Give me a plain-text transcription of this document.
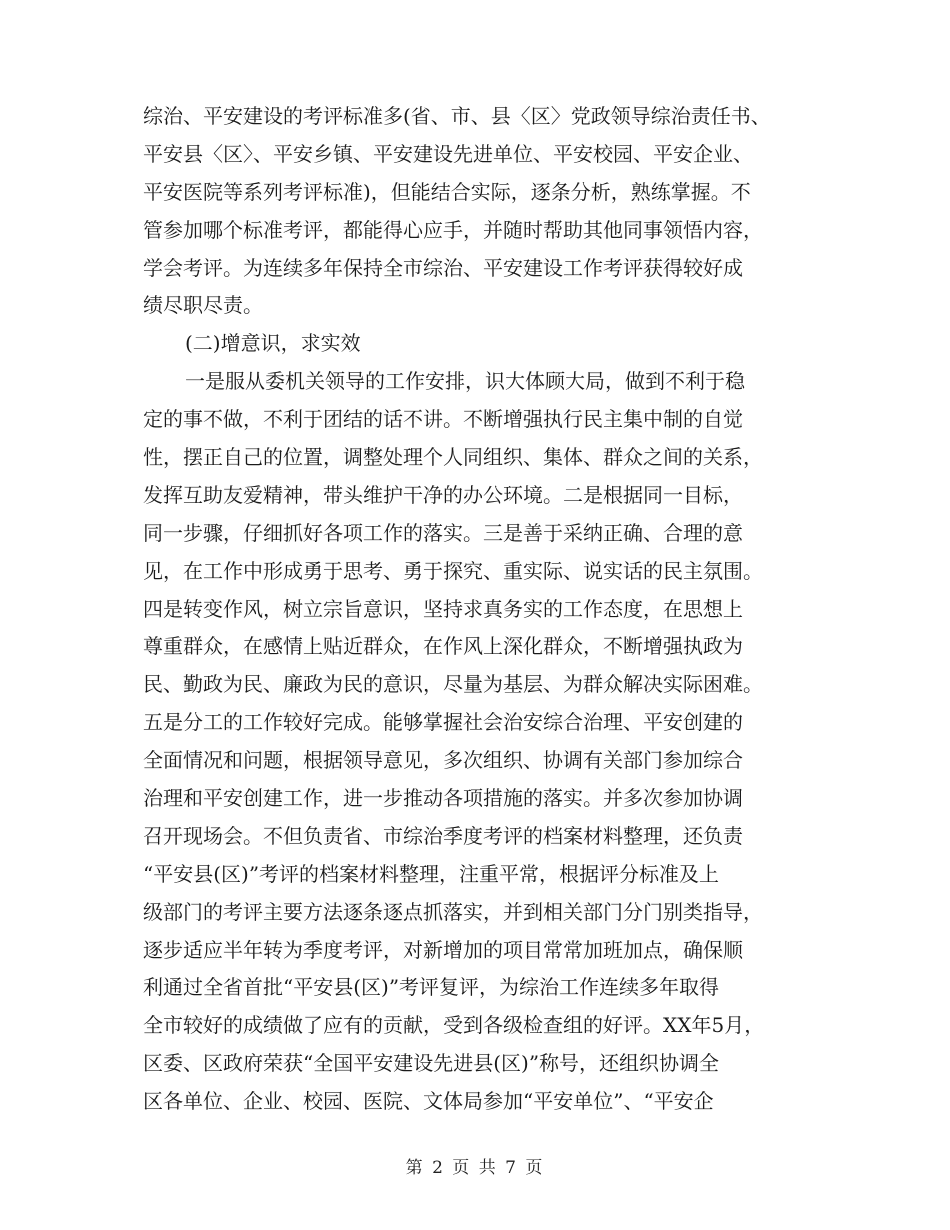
综治、平安建设的考评标准多(省、市、县〈区〉党政领导综治责任书、
平安县〈区〉、平安乡镇、平安建设先进单位、平安校园、平安企业、
平安医院等系列考评标准)，但能结合实际，逐条分析，熟练掌握。不
管参加哪个标准考评，都能得心应手，并随时帮助其他同事领悟内容，
学会考评。为连续多年保持全市综治、平安建设工作考评获得较好成
绩尽职尽责。
(二)增意识，求实效
一是服从委机关领导的工作安排，识大体顾大局，做到不利于稳
定的事不做，不利于团结的话不讲。不断增强执行民主集中制的自觉
性，摆正自己的位置，调整处理个人同组织、集体、群众之间的关系，
发挥互助友爱精神，带头维护干净的办公环境。二是根据同一目标，
同一步骤，仔细抓好各项工作的落实。三是善于采纳正确、合理的意
见，在工作中形成勇于思考、勇于探究、重实际、说实话的民主氛围。
四是转变作风，树立宗旨意识，坚持求真务实的工作态度，在思想上
尊重群众，在感情上贴近群众，在作风上深化群众，不断增强执政为
民、勤政为民、廉政为民的意识，尽量为基层、为群众解决实际困难。
五是分工的工作较好完成。能够掌握社会治安综合治理、平安创建的
全面情况和问题，根据领导意见，多次组织、协调有关部门参加综合
治理和平安创建工作，进一步推动各项措施的落实。并多次参加协调
召开现场会。不但负责省、市综治季度考评的档案材料整理，还负责
“平安县(区)”考评的档案材料整理，注重平常，根据评分标准及上
级部门的考评主要方法逐条逐点抓落实，并到相关部门分门别类指导，
逐步适应半年转为季度考评，对新增加的项目常常加班加点，确保顺
利通过全省首批“平安县(区)”考评复评，为综治工作连续多年取得
全市较好的成绩做了应有的贡献，受到各级检查组的好评。XX年5月，
区委、区政府荣获“全国平安建设先进县(区)”称号，还组织协调全
区各单位、企业、校园、医院、文体局参加“平安单位”、“平安企
第 2 页 共 7 页
